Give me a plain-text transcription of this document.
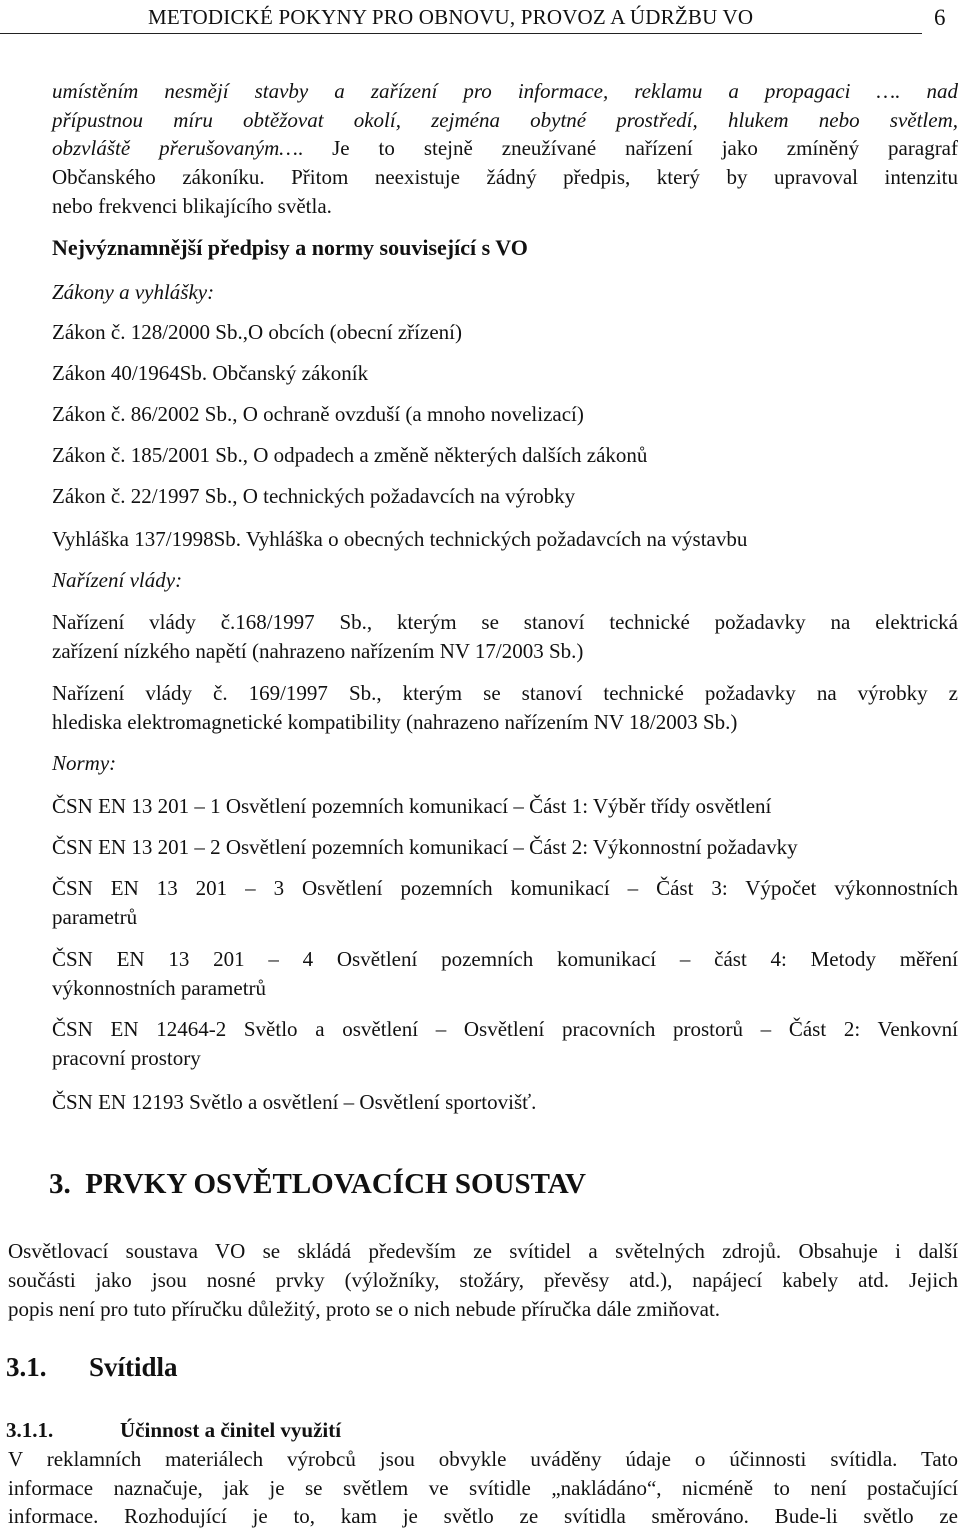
METODICKÉ POKYNY PRO OBNOVU, PROVOZ A ÚDRŽBU VO	6
umístěním nesmějí stavby a zařízení pro informace, reklamu a propagaci …. nad
přípustnou míru obtěžovat okolí, zejména obytné prostředí, hlukem nebo světlem,
obzvláště přerušovaným…. Je to stejně zneužívané nařízení jako zmíněný paragraf
Občanského zákoníku. Přitom neexistuje žádný předpis, který by upravoval intenzitu
nebo frekvenci blikajícího světla.
Nejvýznamnější předpisy a normy související s VO
Zákony a vyhlášky:
Zákon č. 128/2000 Sb.,O obcích (obecní zřízení)
Zákon 40/1964Sb. Občanský zákoník
Zákon č. 86/2002 Sb., O ochraně ovzduší (a mnoho novelizací)
Zákon č. 185/2001 Sb., O odpadech a změně některých dalších zákonů
Zákon č. 22/1997 Sb., O technických požadavcích na výrobky
Vyhláška 137/1998Sb. Vyhláška o obecných technických požadavcích na výstavbu
Nařízení vlády:
Nařízení vlády č.168/1997 Sb., kterým se stanoví technické požadavky na elektrická
zařízení nízkého napětí (nahrazeno nařízením NV 17/2003 Sb.)
Nařízení vlády č. 169/1997 Sb., kterým se stanoví technické požadavky na výrobky z
hlediska elektromagnetické kompatibility (nahrazeno nařízením NV 18/2003 Sb.)
Normy:
ČSN EN 13 201 – 1 Osvětlení pozemních komunikací – Část 1: Výběr třídy osvětlení
ČSN EN 13 201 – 2 Osvětlení pozemních komunikací – Část 2: Výkonnostní požadavky
ČSN EN 13 201 – 3 Osvětlení pozemních komunikací – Část 3: Výpočet výkonnostních
parametrů
ČSN EN 13 201 – 4 Osvětlení pozemních komunikací – část 4: Metody měření
výkonnostních parametrů
ČSN EN 12464-2 Světlo a osvětlení – Osvětlení pracovních prostorů – Část 2: Venkovní
pracovní prostory
ČSN EN 12193 Světlo a osvětlení – Osvětlení sportovišť.
3.  PRVKY OSVĚTLOVACÍCH SOUSTAV
Osvětlovací soustava VO se skládá především ze svítidel a světelných zdrojů. Obsahuje i další
součásti jako jsou nosné prvky (výložníky, stožáry, převěsy atd.), napájecí kabely atd. Jejich
popis není pro tuto příručku důležitý, proto se o nich nebude příručka dále zmiňovat.
3.1. Svítidla
3.1.1.	Účinnost a činitel využití
V reklamních materiálech výrobců jsou obvykle uváděny údaje o účinnosti svítidla. Tato
informace naznačuje, jak je se světlem ve svítidle „nakládáno“, nicméně to není postačující
informace. Rozhodující je to, kam je světlo ze svítidla směrováno. Bude-li světlo ze
